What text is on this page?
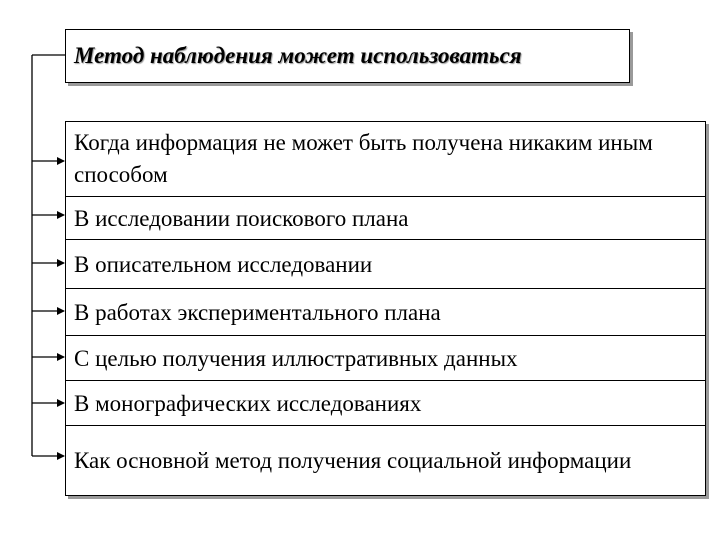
Метод наблюдения может использоваться
Когда информация не может быть получена никаким иным способом
В исследовании поискового плана
В описательном исследовании
В работах экспериментального плана
С целью получения иллюстративных данных
В монографических исследованиях
Как основной метод получения социальной информации
